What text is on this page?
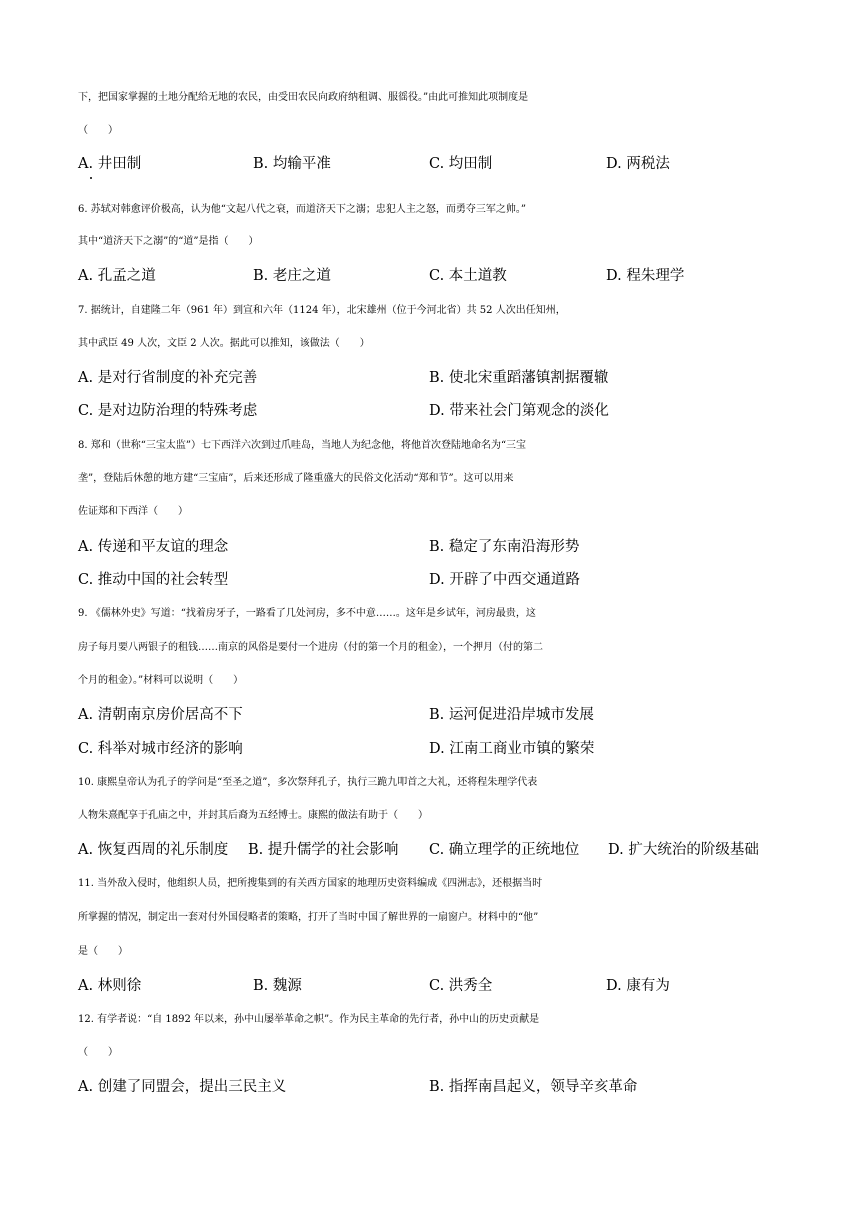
下，把国家掌握的土地分配给无地的农民，由受田农民向政府纳租调、服徭役。”由此可推知此项制度是
（　　）
A. 井田制	B. 均输平准	C. 均田制	D. 两税法
6. 苏轼对韩愈评价极高，认为他“文起八代之衰，而道济天下之溺；忠犯人主之怒，而勇夺三军之帅。”
其中“道济天下之溺”的“道”是指（　　）
A. 孔孟之道	B. 老庄之道	C. 本土道教	D. 程朱理学
7. 据统计，自建隆二年（961 年）到宣和六年（1124 年），北宋雄州（位于今河北省）共 52 人次出任知州，
其中武臣 49 人次，文臣 2 人次。据此可以推知，该做法（　　）
A. 是对行省制度的补充完善	B. 使北宋重蹈藩镇割据覆辙
C. 是对边防治理的特殊考虑	D. 带来社会门第观念的淡化
8. 郑和（世称“三宝太监”）七下西洋六次到过爪哇岛，当地人为纪念他，将他首次登陆地命名为“三宝
垄”，登陆后休憩的地方建“三宝庙”，后来还形成了隆重盛大的民俗文化活动“郑和节”。这可以用来
佐证郑和下西洋（　　）
A. 传递和平友谊的理念	B. 稳定了东南沿海形势
C. 推动中国的社会转型	D. 开辟了中西交通道路
9. 《儒林外史》写道：“找着房牙子，一路看了几处河房，多不中意……。这年是乡试年，河房最贵，这
房子每月要八两银子的租钱……南京的风俗是要付一个进房（付的第一个月的租金），一个押月（付的第二
个月的租金）。”材料可以说明（　　）
A. 清朝南京房价居高不下	B. 运河促进沿岸城市发展
C. 科举对城市经济的影响	D. 江南工商业市镇的繁荣
10. 康熙皇帝认为孔子的学问是“至圣之道”，多次祭拜孔子，执行三跪九叩首之大礼，还将程朱理学代表
人物朱熹配享于孔庙之中，并封其后裔为五经博士。康熙的做法有助于（　　）
A. 恢复西周的礼乐制度 B. 提升儒学的社会影响 C. 确立理学的正统地位 D. 扩大统治的阶级基础
11. 当外敌入侵时，他组织人员，把所搜集到的有关西方国家的地理历史资料编成《四洲志》，还根据当时
所掌握的情况，制定出一套对付外国侵略者的策略，打开了当时中国了解世界的一扇窗户。材料中的“他”
是（　　）
A. 林则徐	B. 魏源	C. 洪秀全	D. 康有为
12. 有学者说：“自 1892 年以来，孙中山屡举革命之帜”。作为民主革命的先行者，孙中山的历史贡献是
（　　）
A. 创建了同盟会，提出三民主义	B. 指挥南昌起义，领导辛亥革命
